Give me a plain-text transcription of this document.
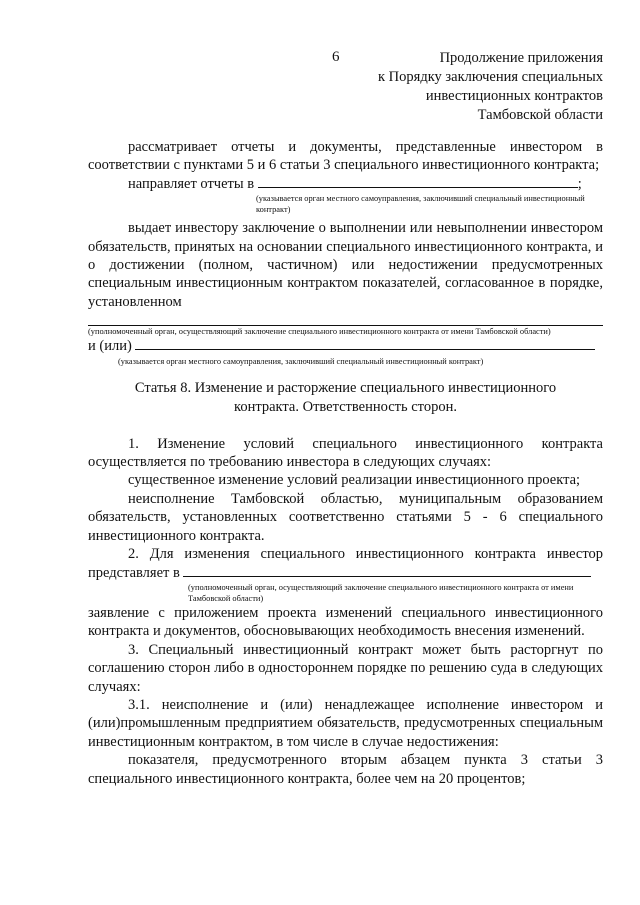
6	Продолжение приложения
к Порядку заключения специальных
инвестиционных контрактов
Тамбовской области

рассматривает отчеты и документы, представленные инвестором в соответствии с пунктами 5 и 6 статьи 3 специального инвестиционного контракта;

направляет отчеты в	;

(указывается орган местного самоуправления, заключивший специальный инвестиционный контракт)

выдает инвестору заключение о выполнении или невыполнении инвестором обязательств, принятых на основании специального инвестиционного контракта, и о достижении (полном, частичном) или недостижении предусмотренных специальным инвестиционным контрактом показателей, согласованное в порядке, установленном

(уполномоченный орган, осуществляющий заключение специального инвестиционного контракта от имени Тамбовской области)
и (или)
(указывается орган местного самоуправления, заключивший специальный инвестиционный контракт)
Статья 8. Изменение и расторжение специального инвестиционного
контракта. Ответственность сторон.

1. Изменение условий специального инвестиционного контракта осуществляется по требованию инвестора в следующих случаях:

существенное изменение условий реализации инвестиционного проекта;

неисполнение Тамбовской областью, муниципальным образованием обязательств, установленных соответственно статьями 5 - 6 специального инвестиционного контракта.

2. Для изменения специального инвестиционного контракта инвестор

представляет в
(уполномоченный орган, осуществляющий заключение специального инвестиционного контракта от имени Тамбовской области)

заявление с приложением проекта изменений специального инвестиционного контракта и документов, обосновывающих необходимость внесения изменений.

3. Специальный инвестиционный контракт может быть расторгнут по соглашению сторон либо в одностороннем порядке по решению суда в следующих случаях:

3.1. неисполнение и (или) ненадлежащее исполнение инвестором и (или)промышленным предприятием обязательств, предусмотренных специальным инвестиционным контрактом, в том числе в случае недостижения:

показателя, предусмотренного вторым абзацем пункта 3 статьи 3 специального инвестиционного контракта, более чем на 20 процентов;
